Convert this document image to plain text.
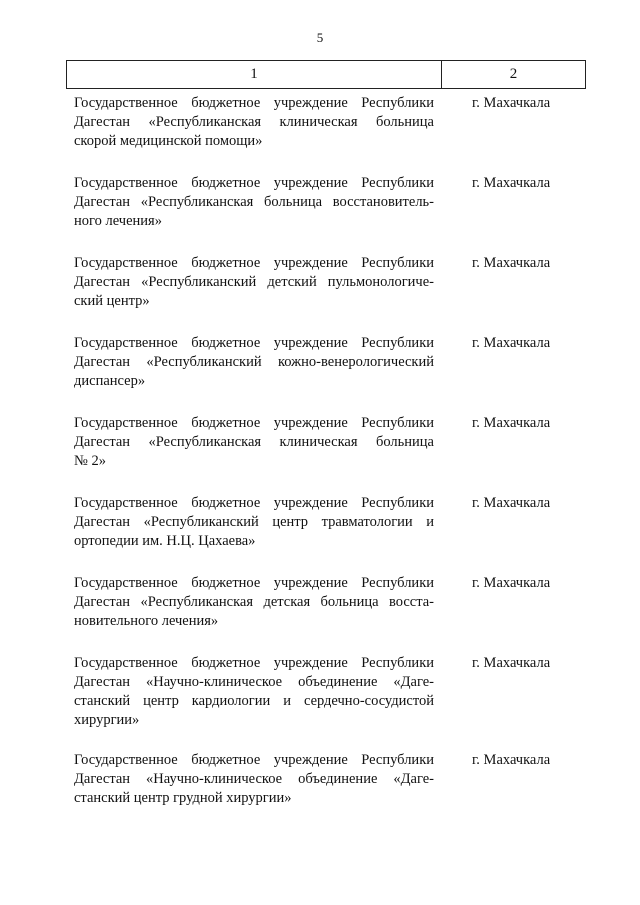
5
1	2
Государственное бюджетное учреждение Республики
Дагестан «Республиканская клиническая больница
скорой медицинской помощи»
г. Махачкала
Государственное бюджетное учреждение Республики
Дагестан «Республиканская больница восстановитель-
ного лечения»
г. Махачкала
Государственное бюджетное учреждение Республики
Дагестан «Республиканский детский пульмонологиче-
ский центр»
г. Махачкала
Государственное бюджетное учреждение Республики
Дагестан «Республиканский кожно-венерологический
диспансер»
г. Махачкала
Государственное бюджетное учреждение Республики
Дагестан «Республиканская клиническая больница
№ 2»
г. Махачкала
Государственное бюджетное учреждение Республики
Дагестан «Республиканский центр травматологии и
ортопедии им. Н.Ц. Цахаева»
г. Махачкала
Государственное бюджетное учреждение Республики
Дагестан «Республиканская детская больница восста-
новительного лечения»
г. Махачкала
Государственное бюджетное учреждение Республики
Дагестан «Научно-клиническое объединение «Даге-
станский центр кардиологии и сердечно-сосудистой
хирургии»
г. Махачкала
Государственное бюджетное учреждение Республики
Дагестан «Научно-клиническое объединение «Даге-
станский центр грудной хирургии»
г. Махачкала
